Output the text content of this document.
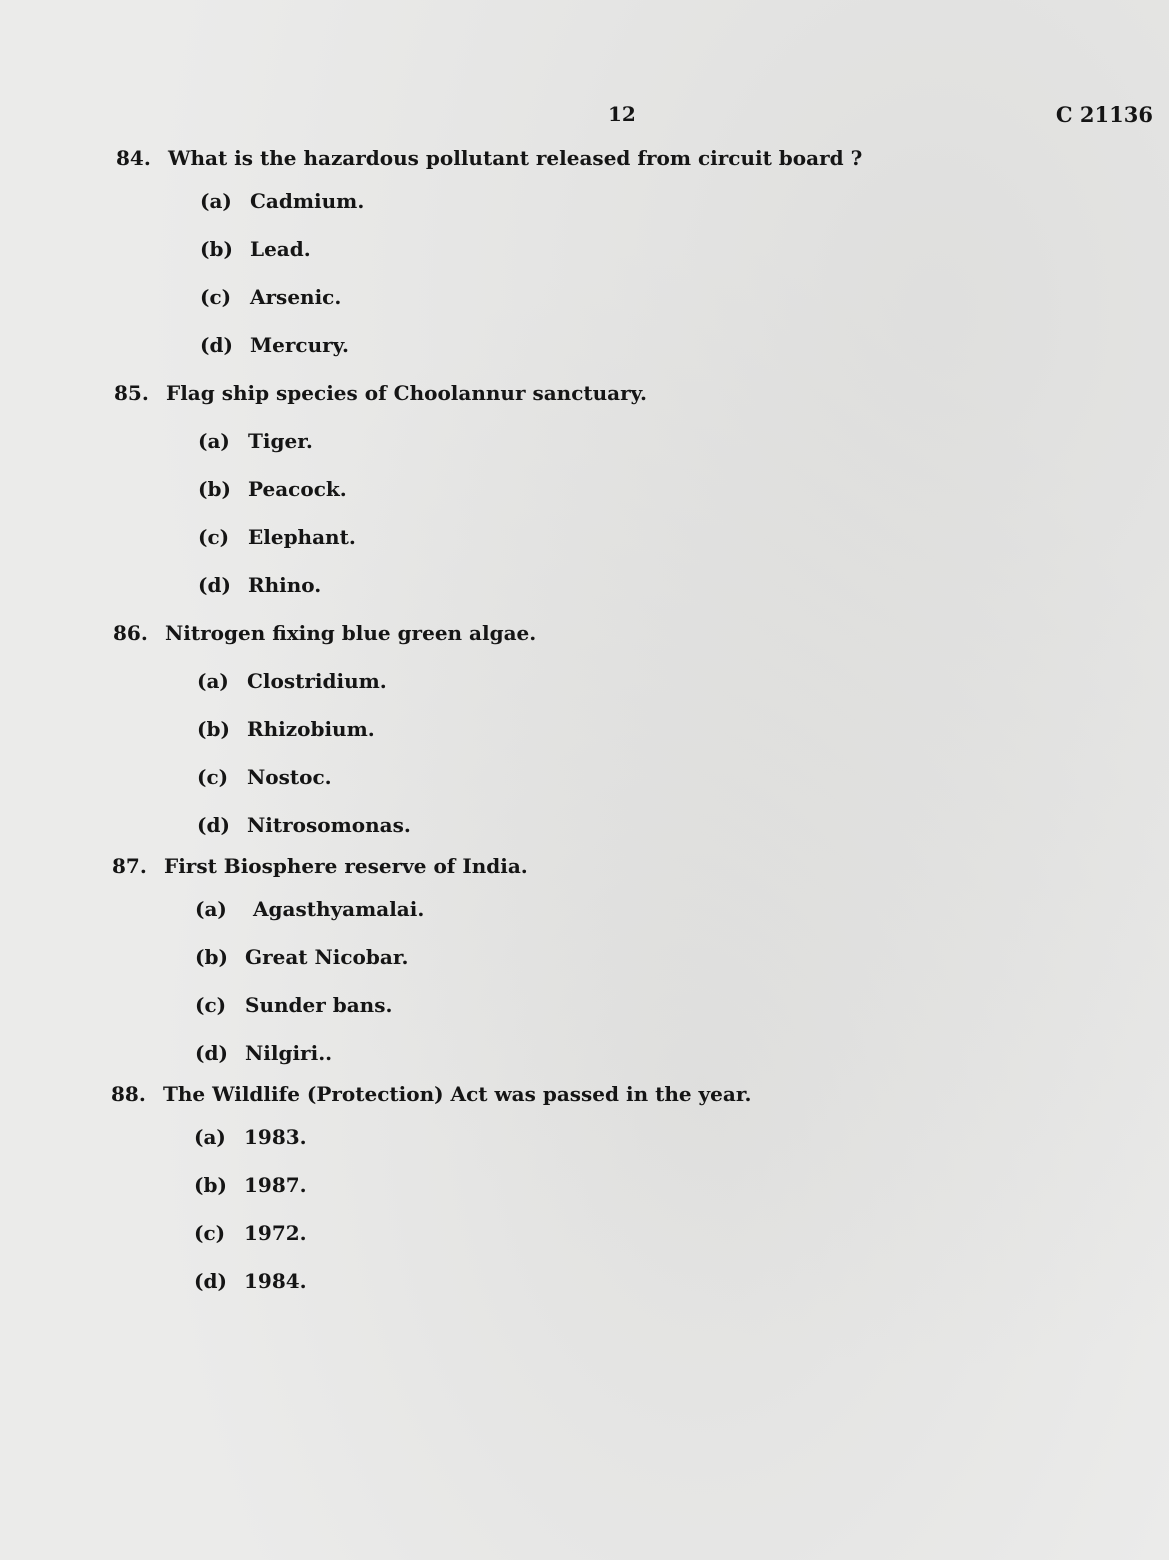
12	C 21136
84. What is the hazardous pollutant released from circuit board ?
(a) Cadmium.
(b) Lead.
(c) Arsenic.
(d) Mercury.
85. Flag ship species of Choolannur sanctuary.
(a) Tiger.
(b) Peacock.
(c) Elephant.
(d) Rhino.
86. Nitrogen fixing blue green algae.
(a) Clostridium.
(b) Rhizobium.
(c) Nostoc.
(d) Nitrosomonas.
87. First Biosphere reserve of India.
(a) Agasthyamalai.
(b) Great Nicobar.
(c) Sunder bans.
(d) Nilgiri..
88. The Wildlife (Protection) Act was passed in the year.
(a) 1983.
(b) 1987.
(c) 1972.
(d) 1984.
